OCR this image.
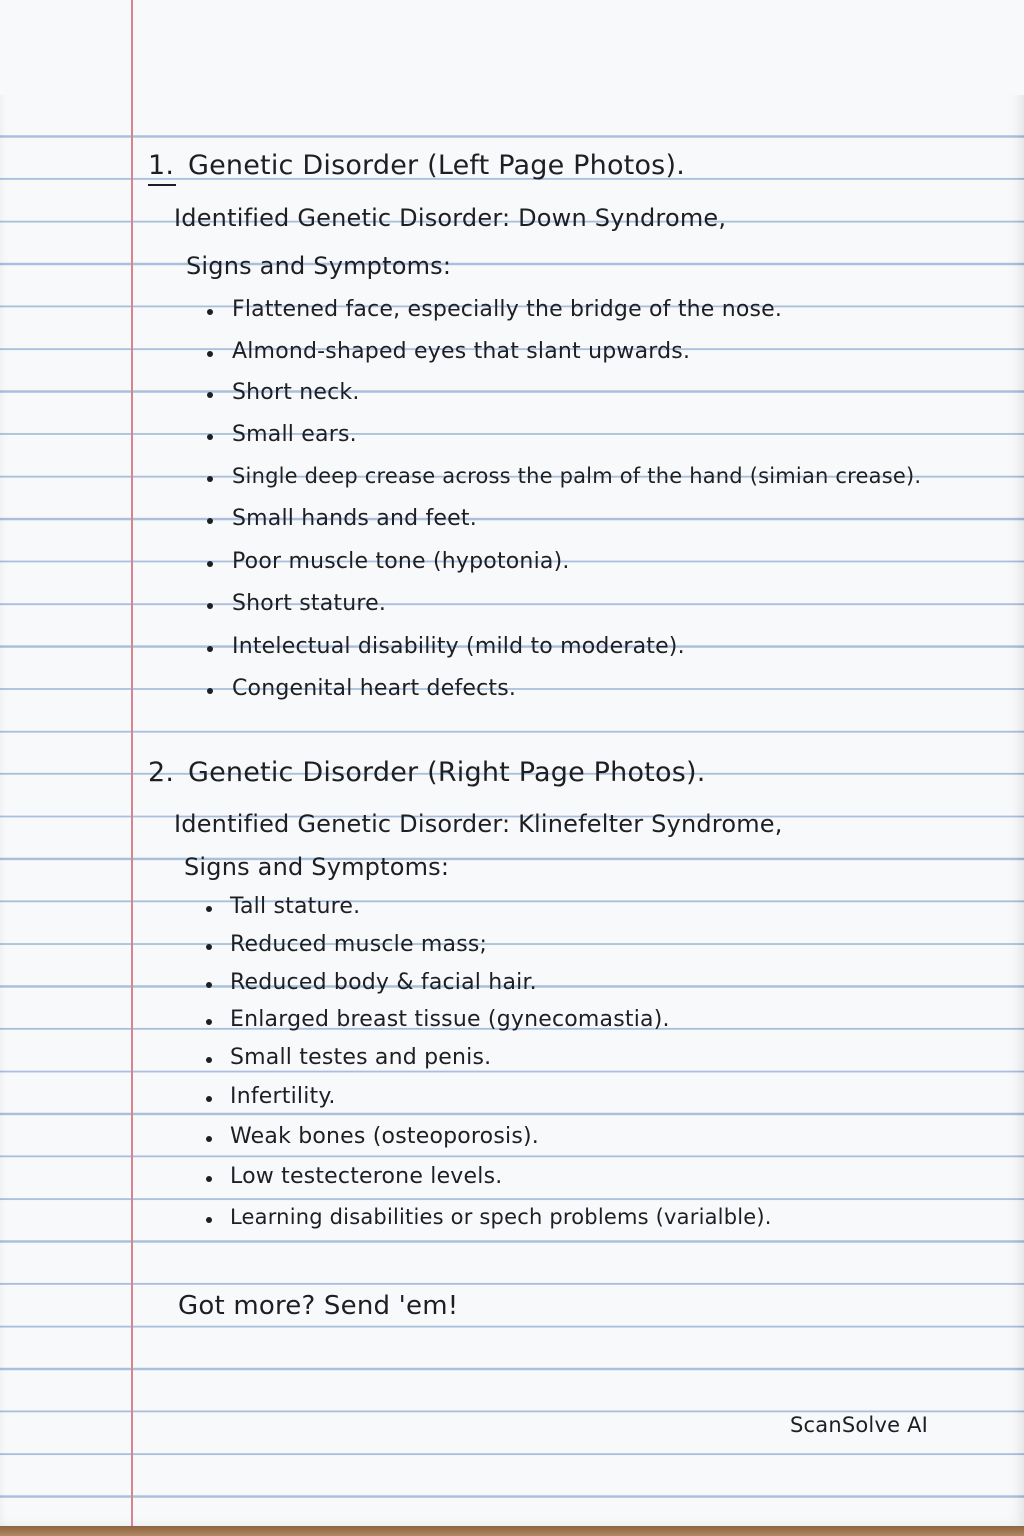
1. Genetic Disorder (Left Page Photos).
Identified Genetic Disorder: Down Syndrome,
Signs and Symptoms:
Flattened face, especially the bridge of the nose.
Almond-shaped eyes that slant upwards.
Short neck.
Small ears.
Single deep crease across the palm of the hand (simian crease).
Small hands and feet.
Poor muscle tone (hypotonia).
Short stature.
Intelectual disability (mild to moderate).
Congenital heart defects.
2. Genetic Disorder (Right Page Photos).
Identified Genetic Disorder: Klinefelter Syndrome,
Signs and Symptoms:
Tall stature.
Reduced muscle mass;
Reduced body & facial hair.
Enlarged breast tissue (gynecomastia).
Small testes and penis.
Infertility.
Weak bones (osteoporosis).
Low testecterone levels.
Learning disabilities or spech problems (varialble).
Got more? Send 'em!
ScanSolve AI
